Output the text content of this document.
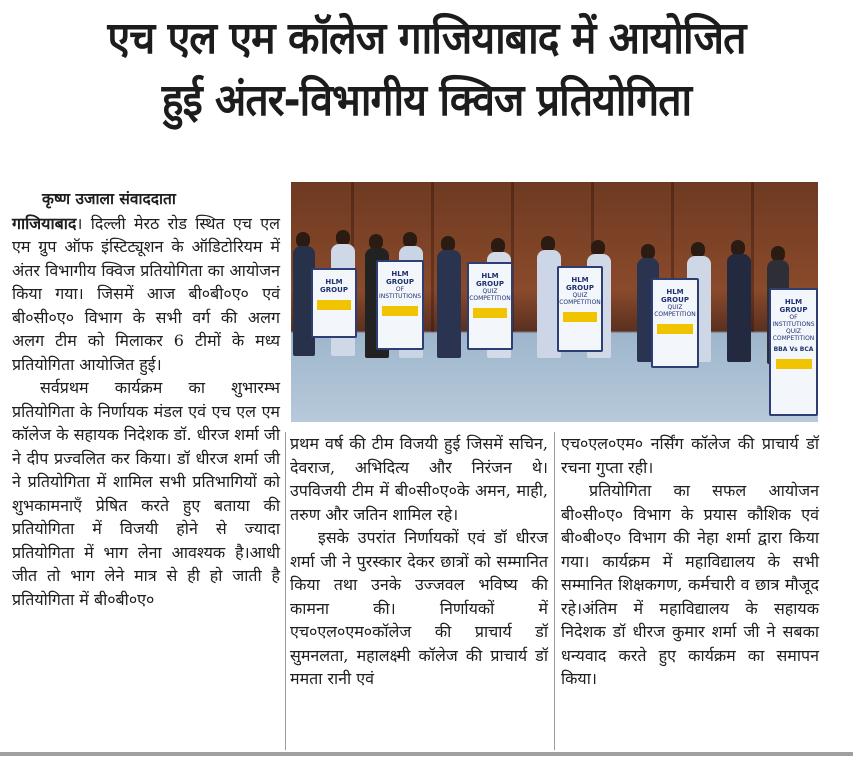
एच एल एम कॉलेज गाजियाबाद में आयोजित
हुई अंतर-विभागीय क्विज प्रतियोगिता
कृष्ण उजाला संवाददाता

गाजियाबाद। दिल्ली मेरठ रोड स्थित एच एल एम ग्रुप ऑफ इंस्टिट्यूशन के ऑडिटोरियम में अंतर विभागीय क्विज प्रतियोगिता का आयोजन किया गया। जिसमें आज बी०बी०ए० एवं बी०सी०ए० विभाग के सभी वर्ग की अलग अलग टीम को मिलाकर 6 टीमों के मध्य प्रतियोगिता आयोजित हुई।

सर्वप्रथम कार्यक्रम का शुभारम्भ प्रतियोगिता के निर्णायक मंडल एवं एच एल एम कॉलेज के सहायक निदेशक डॉ. धीरज शर्मा जी ने दीप प्रज्वलित कर किया। डॉ धीरज शर्मा जी ने प्रतियोगिता में शामिल सभी प्रतिभागियों को शुभकामनाएँ प्रेषित करते हुए बताया की प्रतियोगिता में विजयी होने से ज्यादा प्रतियोगिता में भाग लेना आवश्यक है।आधी जीत तो भाग लेने मात्र से ही हो जाती है प्रतियोगिता में बी०बी०ए०

HLM GROUP
HLM GROUP
OF INSTITUTIONS
HLM GROUP
QUIZ COMPETITION
HLM GROUP
QUIZ COMPETITION
HLM GROUP
QUIZ COMPETITION
HLM GROUP
OF INSTITUTIONS
QUIZ COMPETITION
BBA Vs BCA

प्रथम वर्ष की टीम विजयी हुई जिसमें सचिन, देवराज, अभिदित्य और निरंजन थे। उपविजयी टीम में बी०सी०ए०के अमन, माही, तरुण और जतिन शामिल रहे।

इसके उपरांत निर्णायकों एवं डॉ धीरज शर्मा जी ने पुरस्कार देकर छात्रों को सम्मानित किया तथा उनके उज्जवल भविष्य की कामना की। निर्णायकों में एच०एल०एम०कॉलेज की प्राचार्य डॉ सुमनलता, महालक्ष्मी कॉलेज की प्राचार्य डॉ ममता रानी एवं

एच०एल०एम० नर्सिंग कॉलेज की प्राचार्य डॉ रचना गुप्ता रही।

प्रतियोगिता का सफल आयोजन बी०सी०ए० विभाग के प्रयास कौशिक एवं बी०बी०ए० विभाग की नेहा शर्मा द्वारा किया गया। कार्यक्रम में महाविद्यालय के सभी सम्मानित शिक्षकगण, कर्मचारी व छात्र मौजूद रहे।अंतिम में महाविद्यालय के सहायक निदेशक डॉ धीरज कुमार शर्मा जी ने सबका धन्यवाद करते हुए कार्यक्रम का समापन किया।
